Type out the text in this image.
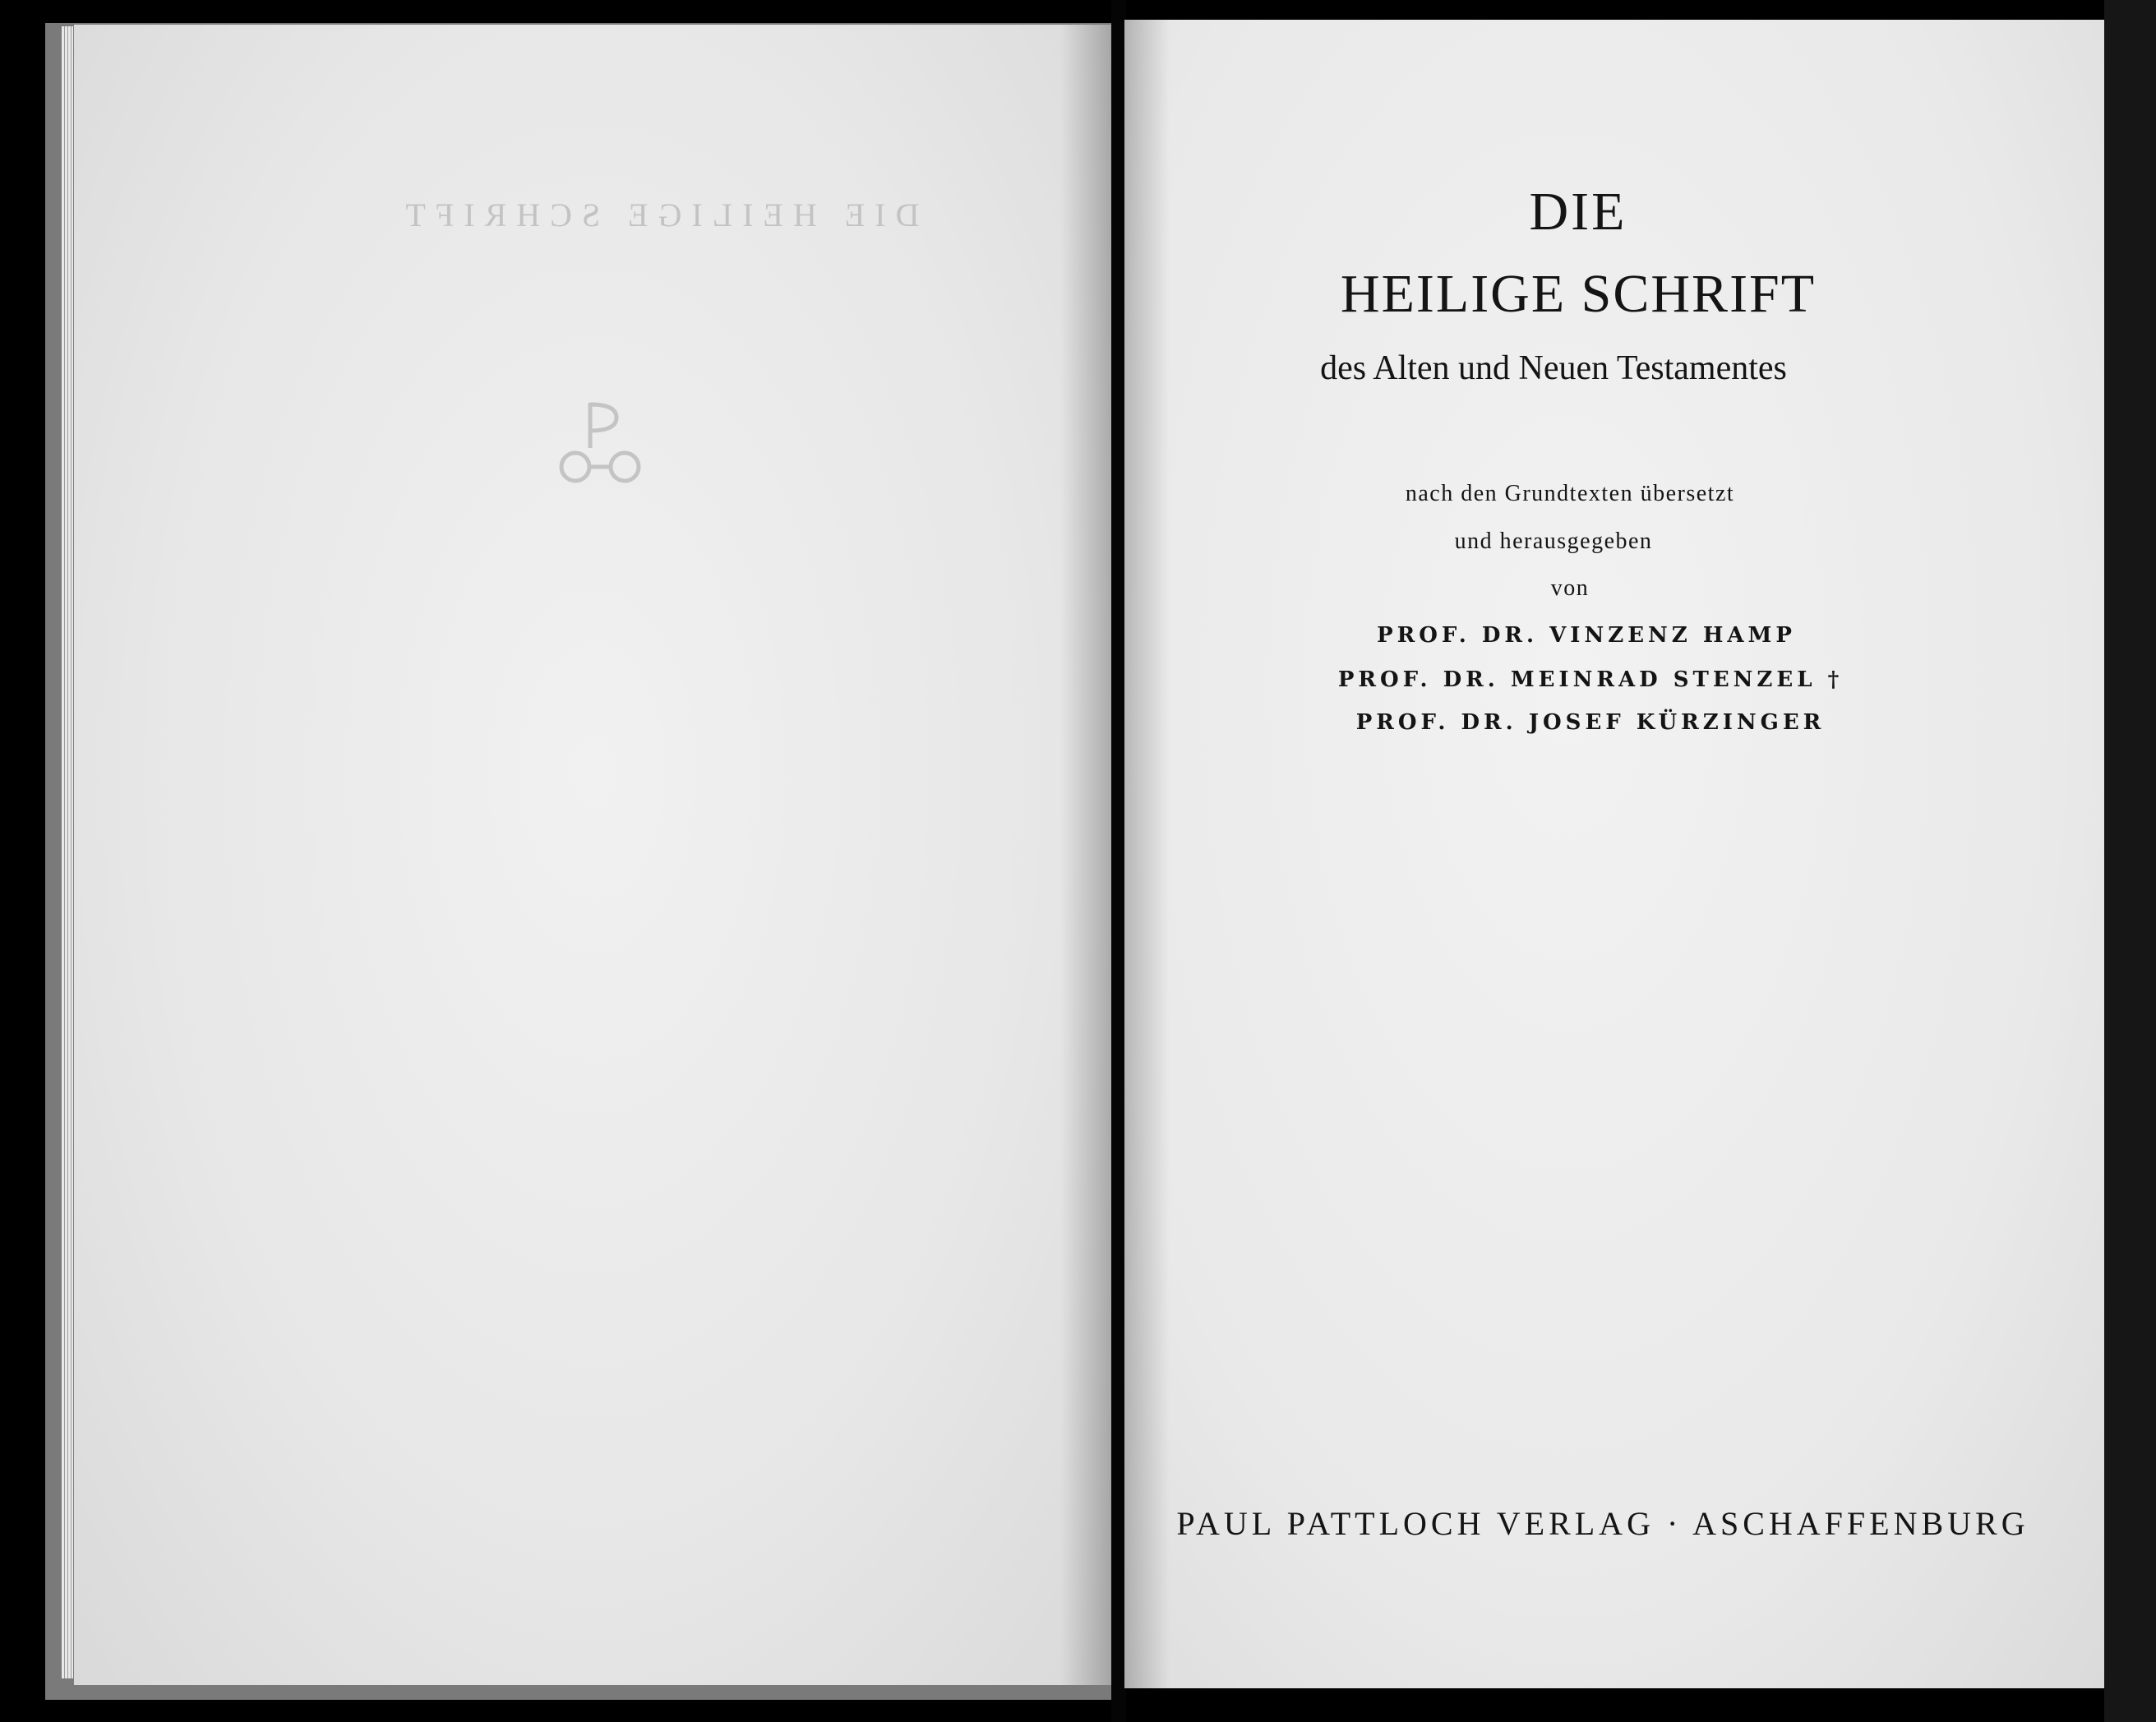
DIE HEILIGE SCHRIFT	DIE
HEILIGE SCHRIFT
des Alten und Neuen Testamentes
nach den Grundtexten übersetzt
und herausgegeben
von
PROF. DR. VINZENZ HAMP
PROF. DR. MEINRAD STENZEL †
PROF. DR. JOSEF KÜRZINGER
PAUL PATTLOCH VERLAG · ASCHAFFENBURG
